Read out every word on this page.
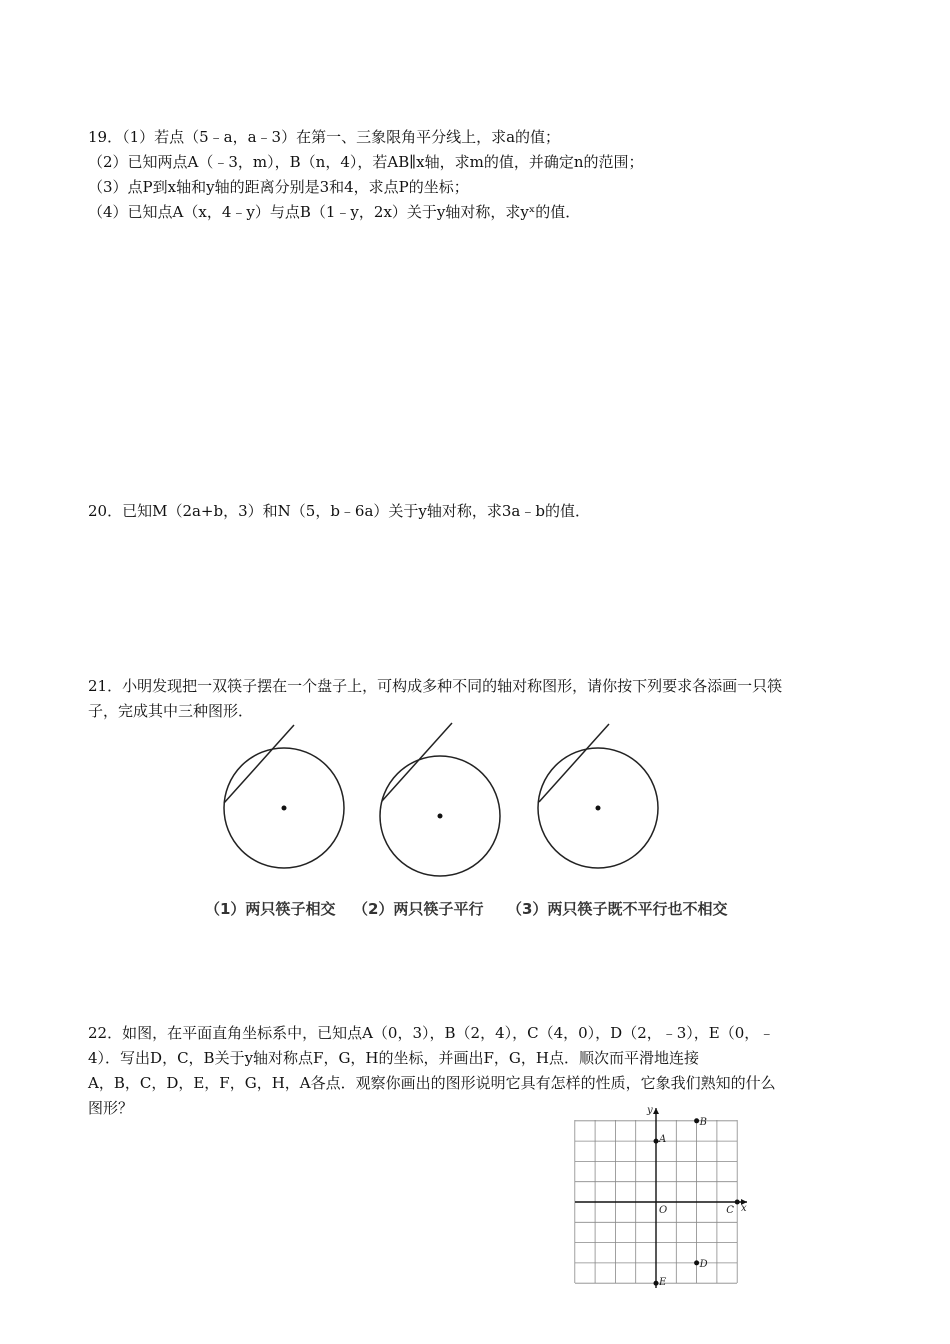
19．（1）若点（5﹣a，a﹣3）在第一、三象限角平分线上，求a的值；
（2）已知两点A（﹣3，m），B（n，4），若AB∥x轴，求m的值，并确定n的范围；
（3）点P到x轴和y轴的距离分别是3和4，求点P的坐标；
（4）已知点A（x，4﹣y）与点B（1﹣y，2x）关于y轴对称，求yˣ的值．
20．已知M（2a+b，3）和N（5，b﹣6a）关于y轴对称，求3a﹣b的值．
21．小明发现把一双筷子摆在一个盘子上，可构成多种不同的轴对称图形，请你按下列要求各添画一只筷
子，完成其中三种图形．
（1）两只筷子相交 （2）两只筷子平行 （3）两只筷子既不平行也不相交
22．如图，在平面直角坐标系中，已知点A（0，3），B（2，4），C（4，0），D（2，﹣3），E（0，﹣
4）．写出D，C，B关于y轴对称点F，G，H的坐标，并画出F，G，H点．顺次而平滑地连接
A，B，C，D，E，F，G，H，A各点．观察你画出的图形说明它具有怎样的性质，它象我们熟知的什么
图形？
x
y
O
A
B
C
D
E
